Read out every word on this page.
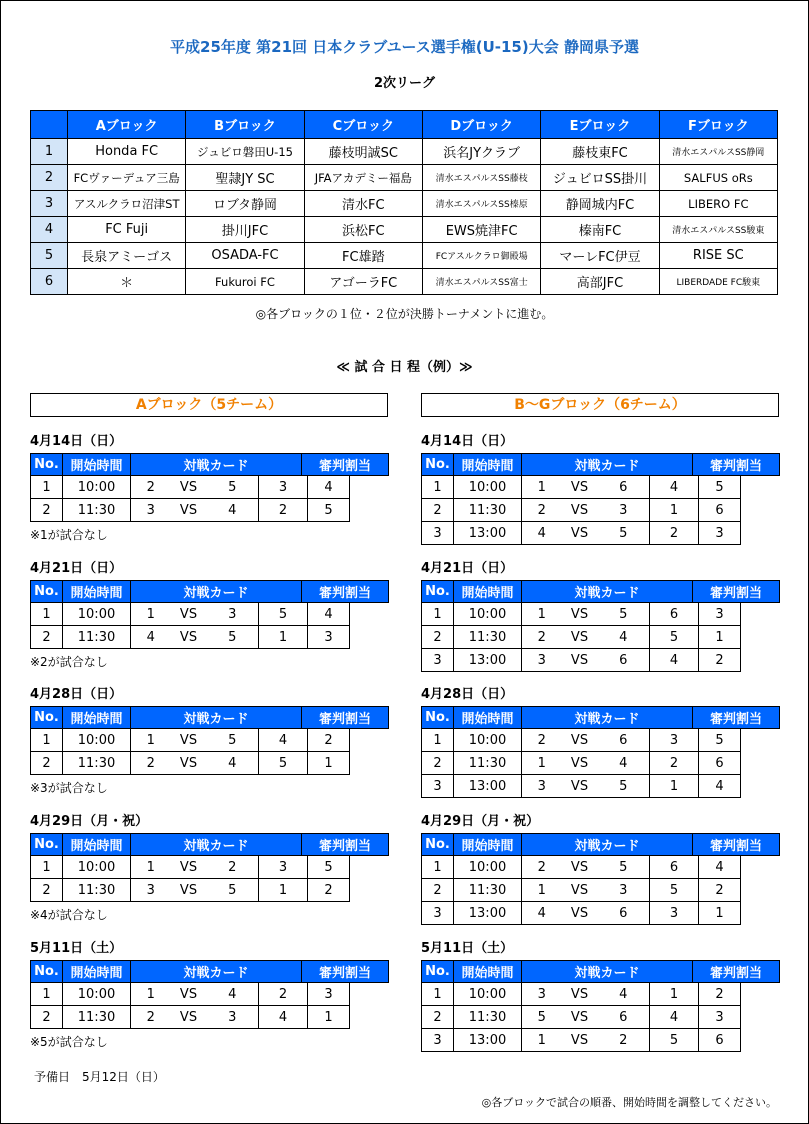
平成25年度 第21回 日本クラブユース選手権(U-15)大会 静岡県予選
2次リーグ
	Aブロック	Bブロック	Cブロック	Dブロック	Eブロック	Fブロック
1	Honda FC	ジュビロ磐田U-15	藤枝明誠SC	浜名JYクラブ	藤枝東FC	清水エスパルスSS静岡
2	FCヴァーデュア三島	聖隷JY SC	JFAアカデミー福島	清水エスパルスSS藤枝	ジュビロSS掛川	SALFUS oRs
3	アスルクラロ沼津ST	ロブタ静岡	清水FC	清水エスパルスSS榛原	静岡城内FC	LIBERO FC
4	FC Fuji	掛川JFC	浜松FC	EWS焼津FC	榛南FC	清水エスパルスSS駿東
5	長泉アミーゴス	OSADA-FC	FC雄踏	FCアスルクラロ御殿場	マーレFC伊豆	RISE SC
6	＊	Fukuroi FC	アゴーラFC	清水エスパルスSS富士	高部JFC	LIBERDADE FC駿東
◎各ブロックの１位・２位が決勝トーナメントに進む。
≪ 試 合 日 程（例）≫
Aブロック（5チーム）	B～Gブロック（6チーム）
4月14日（日）
No.	開始時間	対戦カード				審判割当	
1	10:00	2	VS	5	3		4
2	11:30	3	VS	4	2		5
※1が試合なし
4月21日（日）
No.	開始時間	対戦カード				審判割当	
1	10:00	1	VS	3	5		4
2	11:30	4	VS	5	1		3
※2が試合なし
4月28日（日）
No.	開始時間	対戦カード				審判割当	
1	10:00	1	VS	5	4		2
2	11:30	2	VS	4	5		1
※3が試合なし
4月29日（月・祝）
No.	開始時間	対戦カード				審判割当	
1	10:00	1	VS	2	3		5
2	11:30	3	VS	5	1		2
※4が試合なし
5月11日（土）
No.	開始時間	対戦カード				審判割当	
1	10:00	1	VS	4	2		3
2	11:30	2	VS	3	4		1
※5が試合なし
4月14日（日）
No.	開始時間	対戦カード				審判割当	
1	10:00	1	VS	6	4		5
2	11:30	2	VS	3	1		6
3	13:00	4	VS	5	2		3
4月21日（日）
No.	開始時間	対戦カード				審判割当	
1	10:00	1	VS	5	6		3
2	11:30	2	VS	4	5		1
3	13:00	3	VS	6	4		2
4月28日（日）
No.	開始時間	対戦カード				審判割当	
1	10:00	2	VS	6	3		5
2	11:30	1	VS	4	2		6
3	13:00	3	VS	5	1		4
4月29日（月・祝）
No.	開始時間	対戦カード				審判割当	
1	10:00	2	VS	5	6		4
2	11:30	1	VS	3	5		2
3	13:00	4	VS	6	3		1
5月11日（土）
No.	開始時間	対戦カード				審判割当	
1	10:00	3	VS	4	1		2
2	11:30	5	VS	6	4		3
3	13:00	1	VS	2	5		6
予備日　5月12日（日）
◎各ブロックで試合の順番、開始時間を調整してください。
